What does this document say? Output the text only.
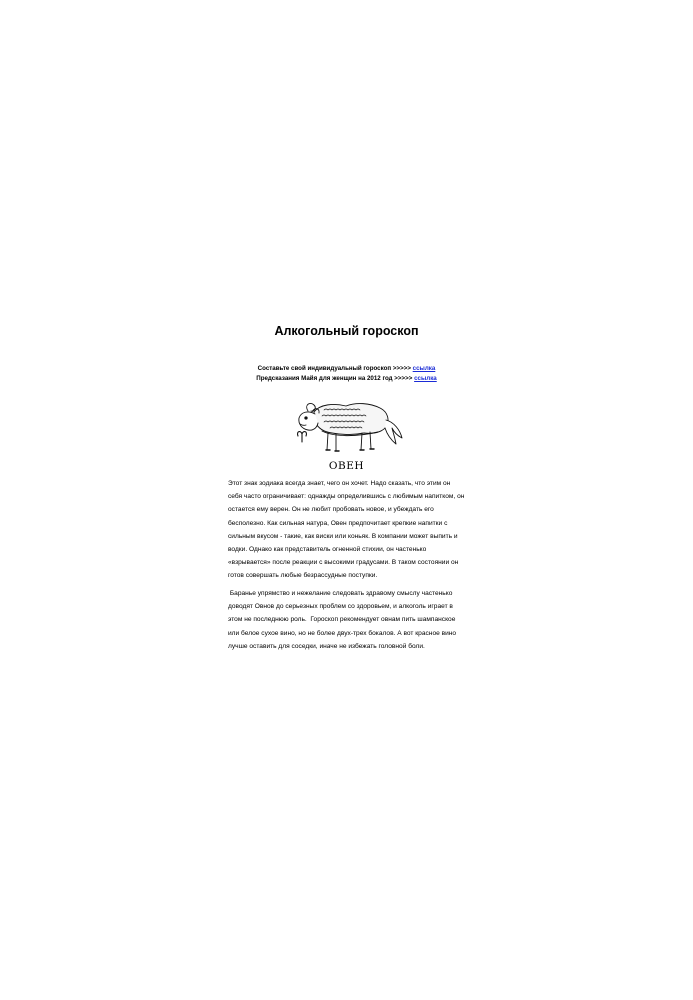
Алкогольный гороскоп
Составьте свой индивидуальный гороскоп >>>>> ссылка
Предсказания Майя для женщин на 2012 год >>>>> ссылка
ОВЕН
Этот знак зодиака всегда знает, чего он хочет. Надо сказать, что этим он
себя часто ограничивает: однажды определившись с любимым напитком, он
остается ему верен. Он не любит пробовать новое, и убеждать его
бесполезно. Как сильная натура, Овен предпочитает крепкие напитки с
сильным вкусом - такие, как виски или коньяк. В компании может выпить и
водки. Однако как представитель огненной стихии, он частенько
«взрывается» после реакции с высокими градусами. В таком состоянии он
готов совершать любые безрассудные поступки.
Баранье упрямство и нежелание следовать здравому смыслу частенько
доводят Овнов до серьезных проблем со здоровьем, и алкоголь играет в
этом не последнюю роль.  Гороскоп рекомендует овнам пить шампанское
или белое сухое вино, но не более двух-трех бокалов. А вот красное вино
лучше оставить для соседки, иначе не избежать головной боли.
